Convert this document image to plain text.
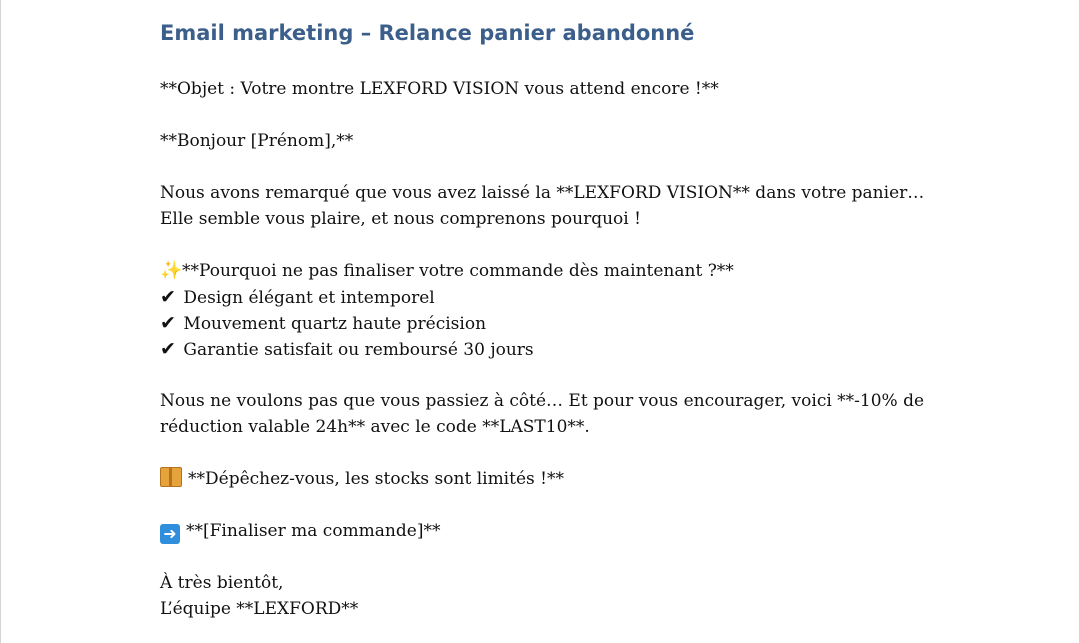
Email marketing – Relance panier abandonné

**Objet : Votre montre LEXFORD VISION vous attend encore !**

**Bonjour [Prénom],**

Nous avons remarqué que vous avez laissé la **LEXFORD VISION** dans votre panier… Elle semble vous plaire, et nous comprenons pourquoi !

✨**Pourquoi ne pas finaliser votre commande dès maintenant ?**
✔ Design élégant et intemporel
✔ Mouvement quartz haute précision
✔ Garantie satisfait ou remboursé 30 jours

Nous ne voulons pas que vous passiez à côté… Et pour vous encourager, voici **-10% de réduction valable 24h** avec le code **LAST10**.

**Dépêchez-vous, les stocks sont limités !**

➜ **[Finaliser ma commande]**

À très bientôt,
L’équipe **LEXFORD**
